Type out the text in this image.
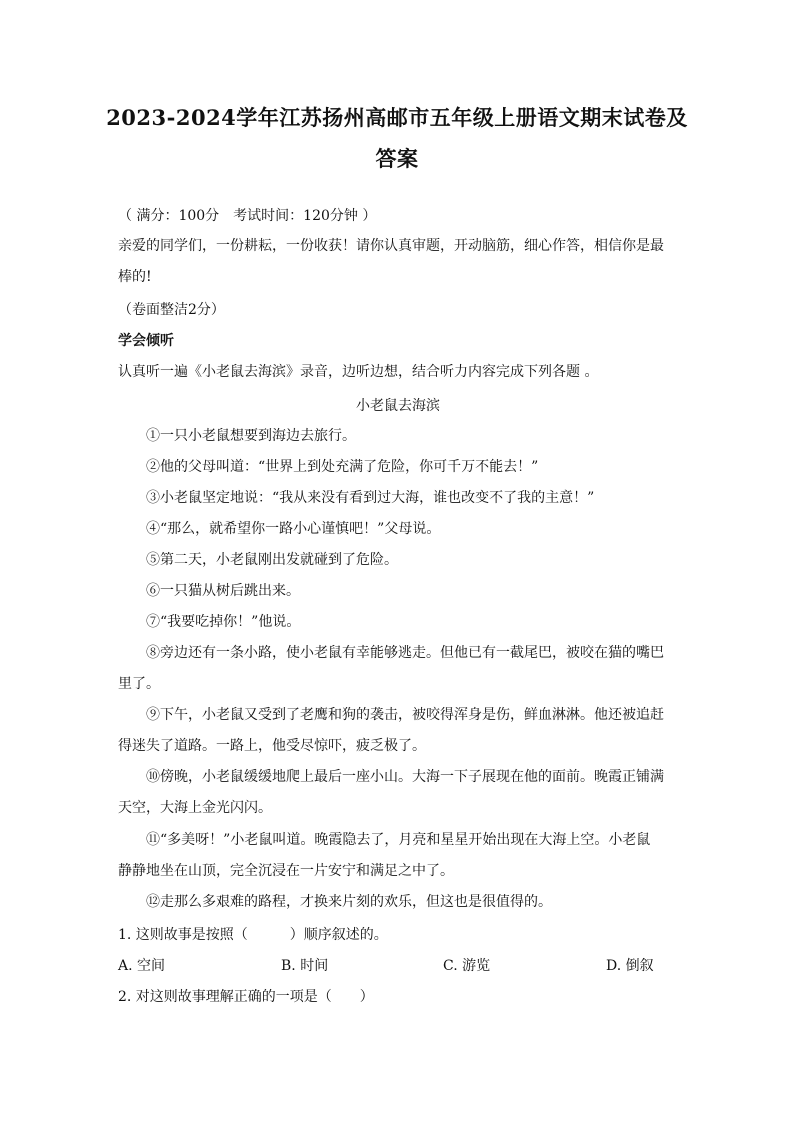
2023-2024学年江苏扬州高邮市五年级上册语文期末试卷及
答案
（ 满分：100分　考试时间：120分钟 ）
亲爱的同学们，一份耕耘，一份收获！请你认真审题，开动脑筋，细心作答，相信你是最
棒的!
（卷面整洁2分）
学会倾听
认真听一遍《小老鼠去海滨》录音，边听边想，结合听力内容完成下列各题 。
小老鼠去海滨
①一只小老鼠想要到海边去旅行。
②他的父母叫道：“世界上到处充满了危险，你可千万不能去！”
③小老鼠坚定地说：“我从来没有看到过大海，谁也改变不了我的主意！”
④“那么，就希望你一路小心谨慎吧！”父母说。
⑤第二天，小老鼠刚出发就碰到了危险。
⑥一只猫从树后跳出来。
⑦“我要吃掉你！”他说。
⑧旁边还有一条小路，使小老鼠有幸能够逃走。但他已有一截尾巴，被咬在猫的嘴巴
里了。
⑨下午，小老鼠又受到了老鹰和狗的袭击，被咬得浑身是伤，鲜血淋淋。他还被追赶
得迷失了道路。一路上，他受尽惊吓，疲乏极了。
⑩傍晚，小老鼠缓缓地爬上最后一座小山。大海一下子展现在他的面前。晚霞正铺满
天空，大海上金光闪闪。
⑪“多美呀！”小老鼠叫道。晚霞隐去了，月亮和星星开始出现在大海上空。小老鼠
静静地坐在山顶，完全沉浸在一片安宁和满足之中了。
⑫走那么多艰难的路程，才换来片刻的欢乐，但这也是很值得的。
1. 这则故事是按照（　　　）顺序叙述的。
A. 空间	B. 时间	C. 游览	D. 倒叙
2. 对这则故事理解正确的一项是（　　）
